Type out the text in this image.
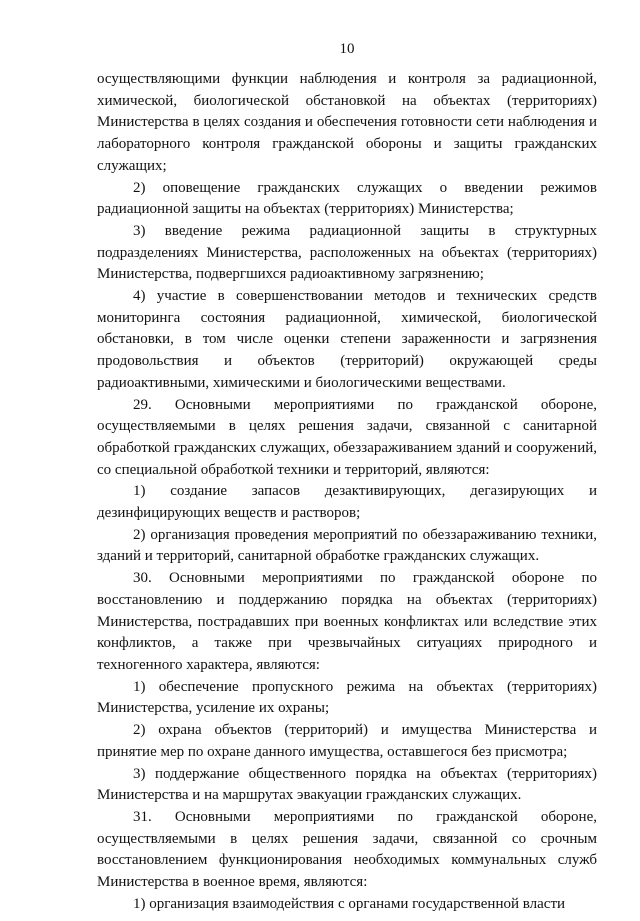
10

осуществляющими функции наблюдения и контроля за радиационной, химической, биологической обстановкой на объектах (территориях) Министерства в целях создания и обеспечения готовности сети наблюдения и лабораторного контроля гражданской обороны и защиты гражданских служащих;

2) оповещение гражданских служащих о введении режимов радиационной защиты на объектах (территориях) Министерства;

3) введение режима радиационной защиты в структурных подразделениях Министерства, расположенных на объектах (территориях) Министерства, подвергшихся радиоактивному загрязнению;

4) участие в совершенствовании методов и технических средств мониторинга состояния радиационной, химической, биологической обстановки, в том числе оценки степени зараженности и загрязнения продовольствия и объектов (территорий) окружающей среды радиоактивными, химическими и биологическими веществами.

29. Основными мероприятиями по гражданской обороне, осуществляемыми в целях решения задачи, связанной с санитарной обработкой гражданских служащих, обеззараживанием зданий и сооружений, со специальной обработкой техники и территорий, являются:

1) создание запасов дезактивирующих, дегазирующих и дезинфицирующих веществ и растворов;

2) организация проведения мероприятий по обеззараживанию техники, зданий и территорий, санитарной обработке гражданских служащих.

30. Основными мероприятиями по гражданской обороне по восстановлению и поддержанию порядка на объектах (территориях) Министерства, пострадавших при военных конфликтах или вследствие этих конфликтов, а также при чрезвычайных ситуациях природного и техногенного характера, являются:

1) обеспечение пропускного режима на объектах (территориях) Министерства, усиление их охраны;

2) охрана объектов (территорий) и имущества Министерства и принятие мер по охране данного имущества, оставшегося без присмотра;

3) поддержание общественного порядка на объектах (территориях) Министерства и на маршрутах эвакуации гражданских служащих.

31. Основными мероприятиями по гражданской обороне, осуществляемыми в целях решения задачи, связанной со срочным восстановлением функционирования необходимых коммунальных служб Министерства в военное время, являются:

1) организация взаимодействия с органами государственной власти
